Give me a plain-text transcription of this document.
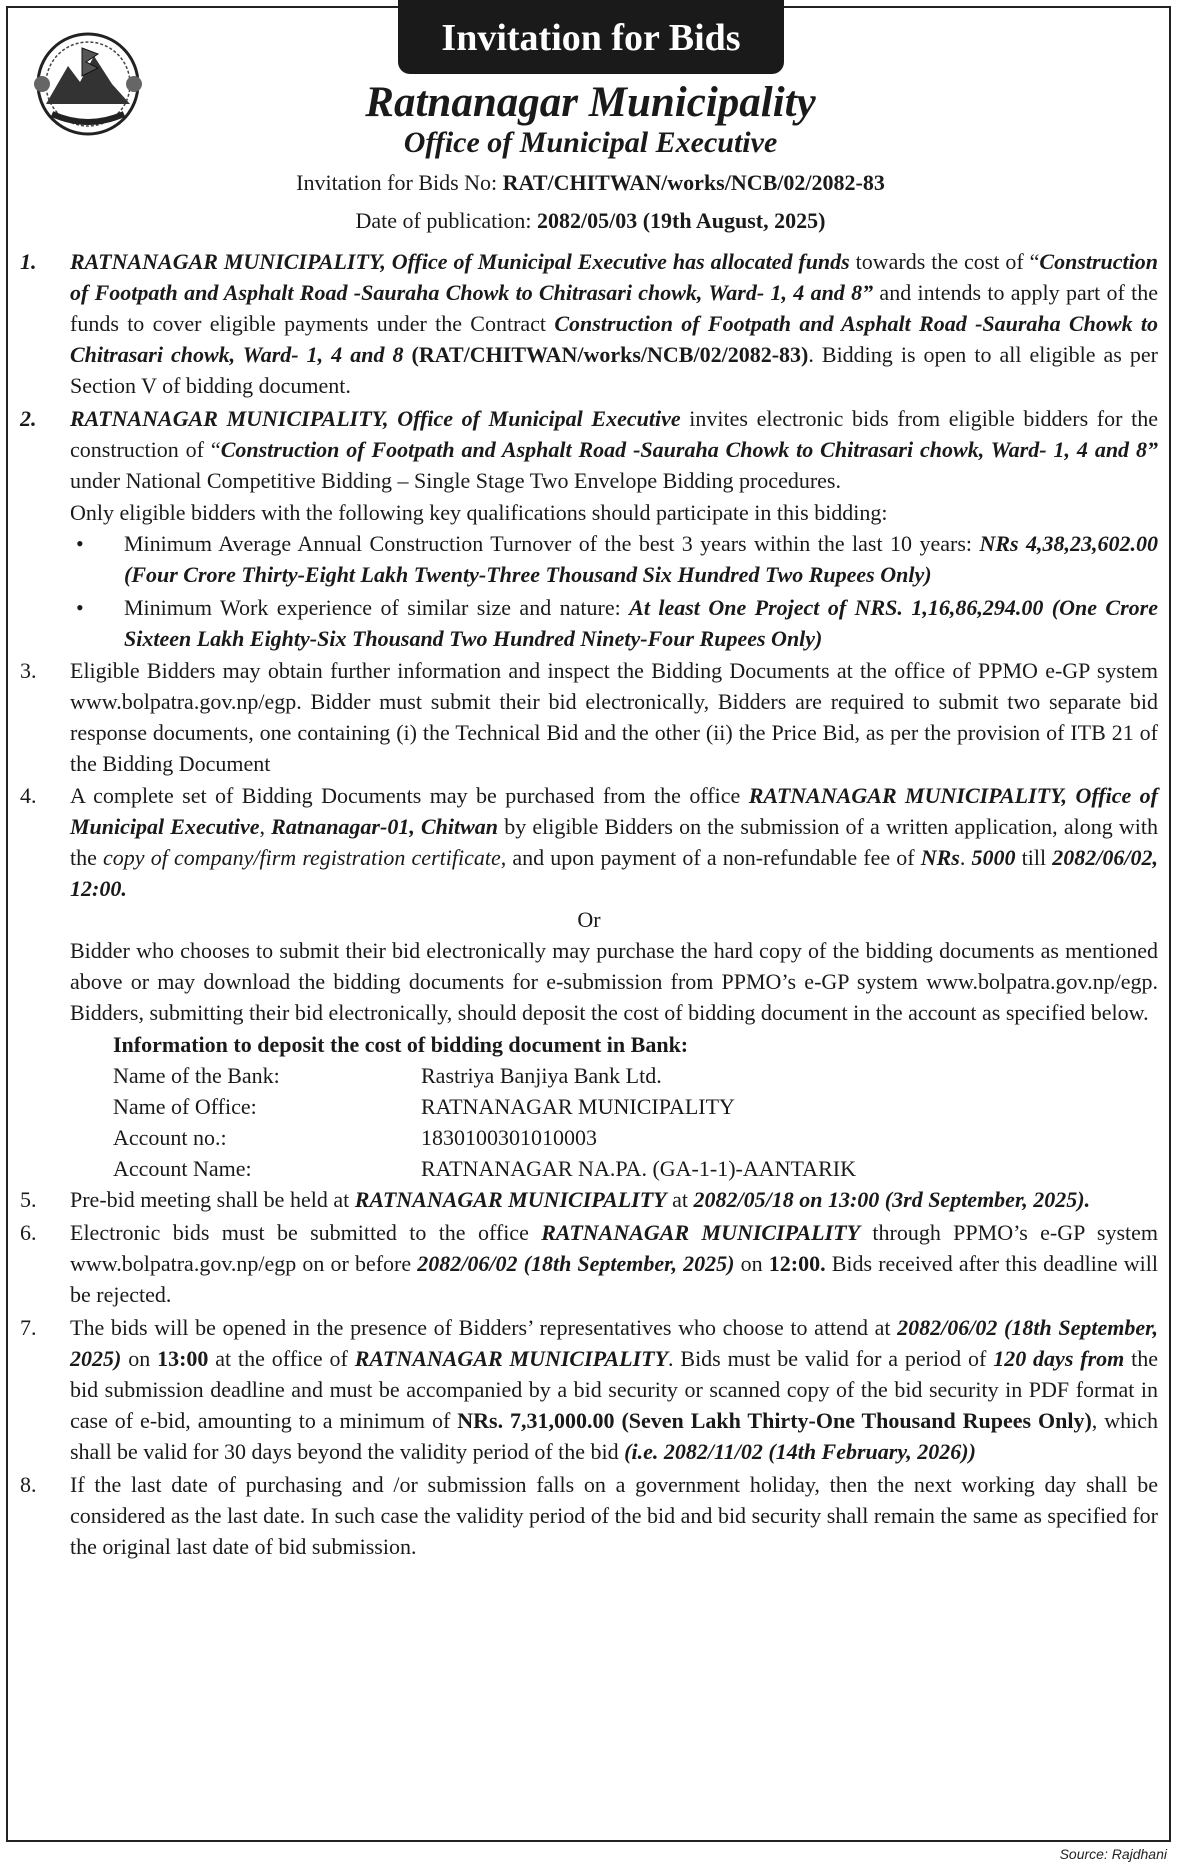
Invitation for Bids
Ratnanagar Municipality
Office of Municipal Executive
Invitation for Bids No: RAT/CHITWAN/works/NCB/02/2082-83
Date of publication: 2082/05/03 (19th August, 2025)
1.	RATNANAGAR MUNICIPALITY, Office of Municipal Executive has allocated funds towards the cost of “Construction of Footpath and Asphalt Road -Sauraha Chowk to Chitrasari chowk, Ward- 1, 4 and 8” and intends to apply part of the funds to cover eligible payments under the Contract Construction of Footpath and Asphalt Road -Sauraha Chowk to Chitrasari chowk, Ward- 1, 4 and 8 (RAT/CHITWAN/works/NCB/02/2082-83). Bidding is open to all eligible as per Section V of bidding document.
2.	RATNANAGAR MUNICIPALITY, Office of Municipal Executive invites electronic bids from eligible bidders for the construction of “Construction of Footpath and Asphalt Road -Sauraha Chowk to Chitrasari chowk, Ward- 1, 4 and 8” under National Competitive Bidding – Single Stage Two Envelope Bidding procedures.
Only eligible bidders with the following key qualifications should participate in this bidding:
•	Minimum Average Annual Construction Turnover of the best 3 years within the last 10 years: NRs 4,38,23,602.00 (Four Crore Thirty-Eight Lakh Twenty-Three Thousand Six Hundred Two Rupees Only)
•	Minimum Work experience of similar size and nature: At least One Project of NRS. 1,16,86,294.00 (One Crore Sixteen Lakh Eighty-Six Thousand Two Hundred Ninety-Four Rupees Only)
3.	Eligible Bidders may obtain further information and inspect the Bidding Documents at the office of PPMO e-GP system www.bolpatra.gov.np/egp. Bidder must submit their bid electronically, Bidders are required to submit two separate bid response documents, one containing (i) the Technical Bid and the other (ii) the Price Bid, as per the provision of ITB 21 of the Bidding Document
4.	A complete set of Bidding Documents may be purchased from the office RATNANAGAR MUNICIPALITY, Office of Municipal Executive, Ratnanagar-01, Chitwan by eligible Bidders on the submission of a written application, along with the copy of company/firm registration certificate, and upon payment of a non-refundable fee of NRs. 5000 till 2082/06/02, 12:00.
Or
Bidder who chooses to submit their bid electronically may purchase the hard copy of the bidding documents as mentioned above or may download the bidding documents for e-submission from PPMO’s e-GP system www.bolpatra.gov.np/egp. Bidders, submitting their bid electronically, should deposit the cost of bidding document in the account as specified below.
Information to deposit the cost of bidding document in Bank:
Name of the Bank:	Rastriya Banjiya Bank Ltd.
Name of Office:	RATNANAGAR MUNICIPALITY
Account no.:	1830100301010003
Account Name:	RATNANAGAR NA.PA. (GA-1-1)-AANTARIK
5.	Pre-bid meeting shall be held at RATNANAGAR MUNICIPALITY at 2082/05/18 on 13:00 (3rd September, 2025).
6.	Electronic bids must be submitted to the office RATNANAGAR MUNICIPALITY through PPMO’s e-GP system www.bolpatra.gov.np/egp on or before 2082/06/02 (18th September, 2025) on 12:00. Bids received after this deadline will be rejected.
7.	The bids will be opened in the presence of Bidders’ representatives who choose to attend at 2082/06/02 (18th September, 2025) on 13:00 at the office of RATNANAGAR MUNICIPALITY. Bids must be valid for a period of 120 days from the bid submission deadline and must be accompanied by a bid security or scanned copy of the bid security in PDF format in case of e-bid, amounting to a minimum of NRs. 7,31,000.00 (Seven Lakh Thirty-One Thousand Rupees Only), which shall be valid for 30 days beyond the validity period of the bid (i.e. 2082/11/02 (14th February, 2026))
8.	If the last date of purchasing and /or submission falls on a government holiday, then the next working day shall be considered as the last date. In such case the validity period of the bid and bid security shall remain the same as specified for the original last date of bid submission.
Source: Rajdhani
